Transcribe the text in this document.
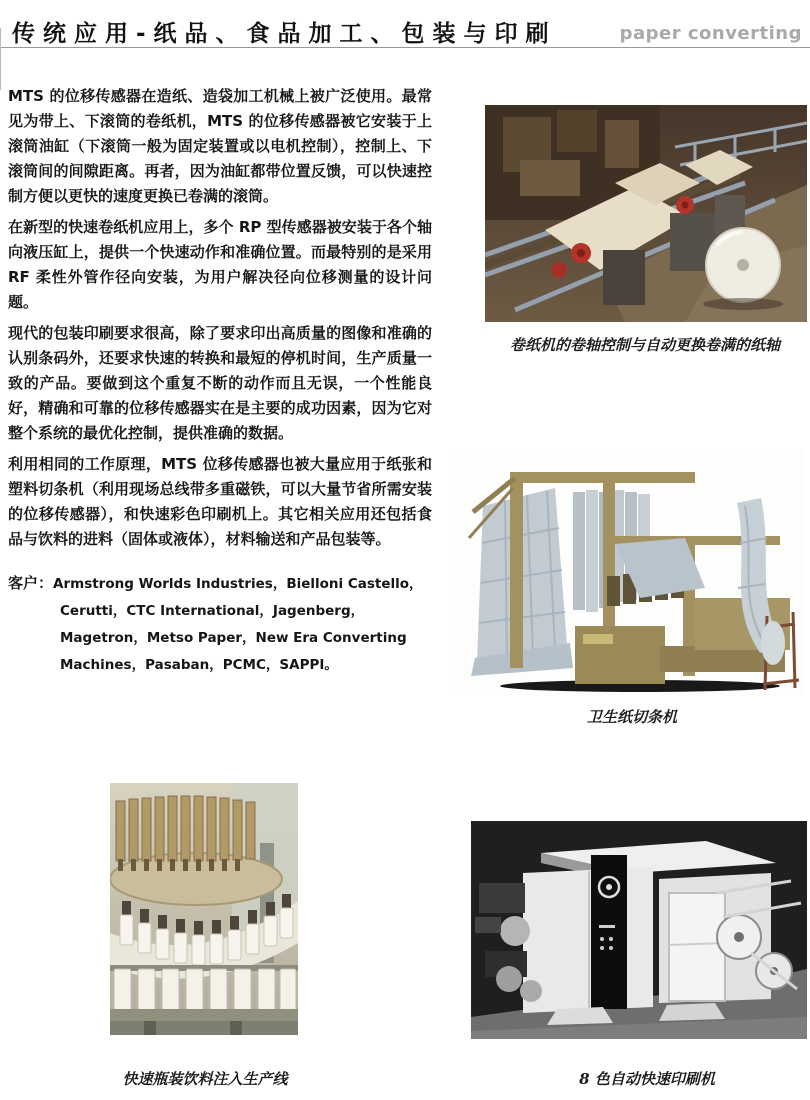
传统应用-纸品、食品加工、包装与印刷	paper converting

MTS 的位移传感器在造纸、造袋加工机械上被广泛使用。最常见为带上、下滚筒的卷纸机，MTS 的位移传感器被它安装于上滚筒油缸（下滚筒一般为固定装置或以电机控制），控制上、下滚筒间的间隙距离。再者，因为油缸都带位置反馈，可以快速控制方便以更快的速度更换已卷满的滚筒。

在新型的快速卷纸机应用上，多个 RP 型传感器被安装于各个轴向液压缸上，提供一个快速动作和准确位置。而最特别的是采用 RF 柔性外管作径向安装，为用户解决径向位移测量的设计问题。

现代的包装印刷要求很高，除了要求印出高质量的图像和准确的认别条码外，还要求快速的转换和最短的停机时间，生产质量一致的产品。要做到这个重复不断的动作而且无误，一个性能良好，精确和可靠的位移传感器实在是主要的成功因素，因为它对整个系统的最优化控制，提供准确的数据。

利用相同的工作原理，MTS 位移传感器也被大量应用于纸张和塑料切条机（利用现场总线带多重磁铁，可以大量节省所需安装的位移传感器），和快速彩色印刷机上。其它相关应用还包括食品与饮料的进料（固体或液体），材料输送和产品包装等。

客户：Armstrong Worlds Industries，Bielloni Castello，Cerutti，CTC International，Jagenberg，Magetron，Metso Paper，New Era Converting Machines，Pasaban，PCMC，SAPPI。

卷纸机的卷轴控制与自动更换卷满的纸轴
卫生纸切条机
快速瓶装饮料注入生产线	8 色自动快速印刷机
